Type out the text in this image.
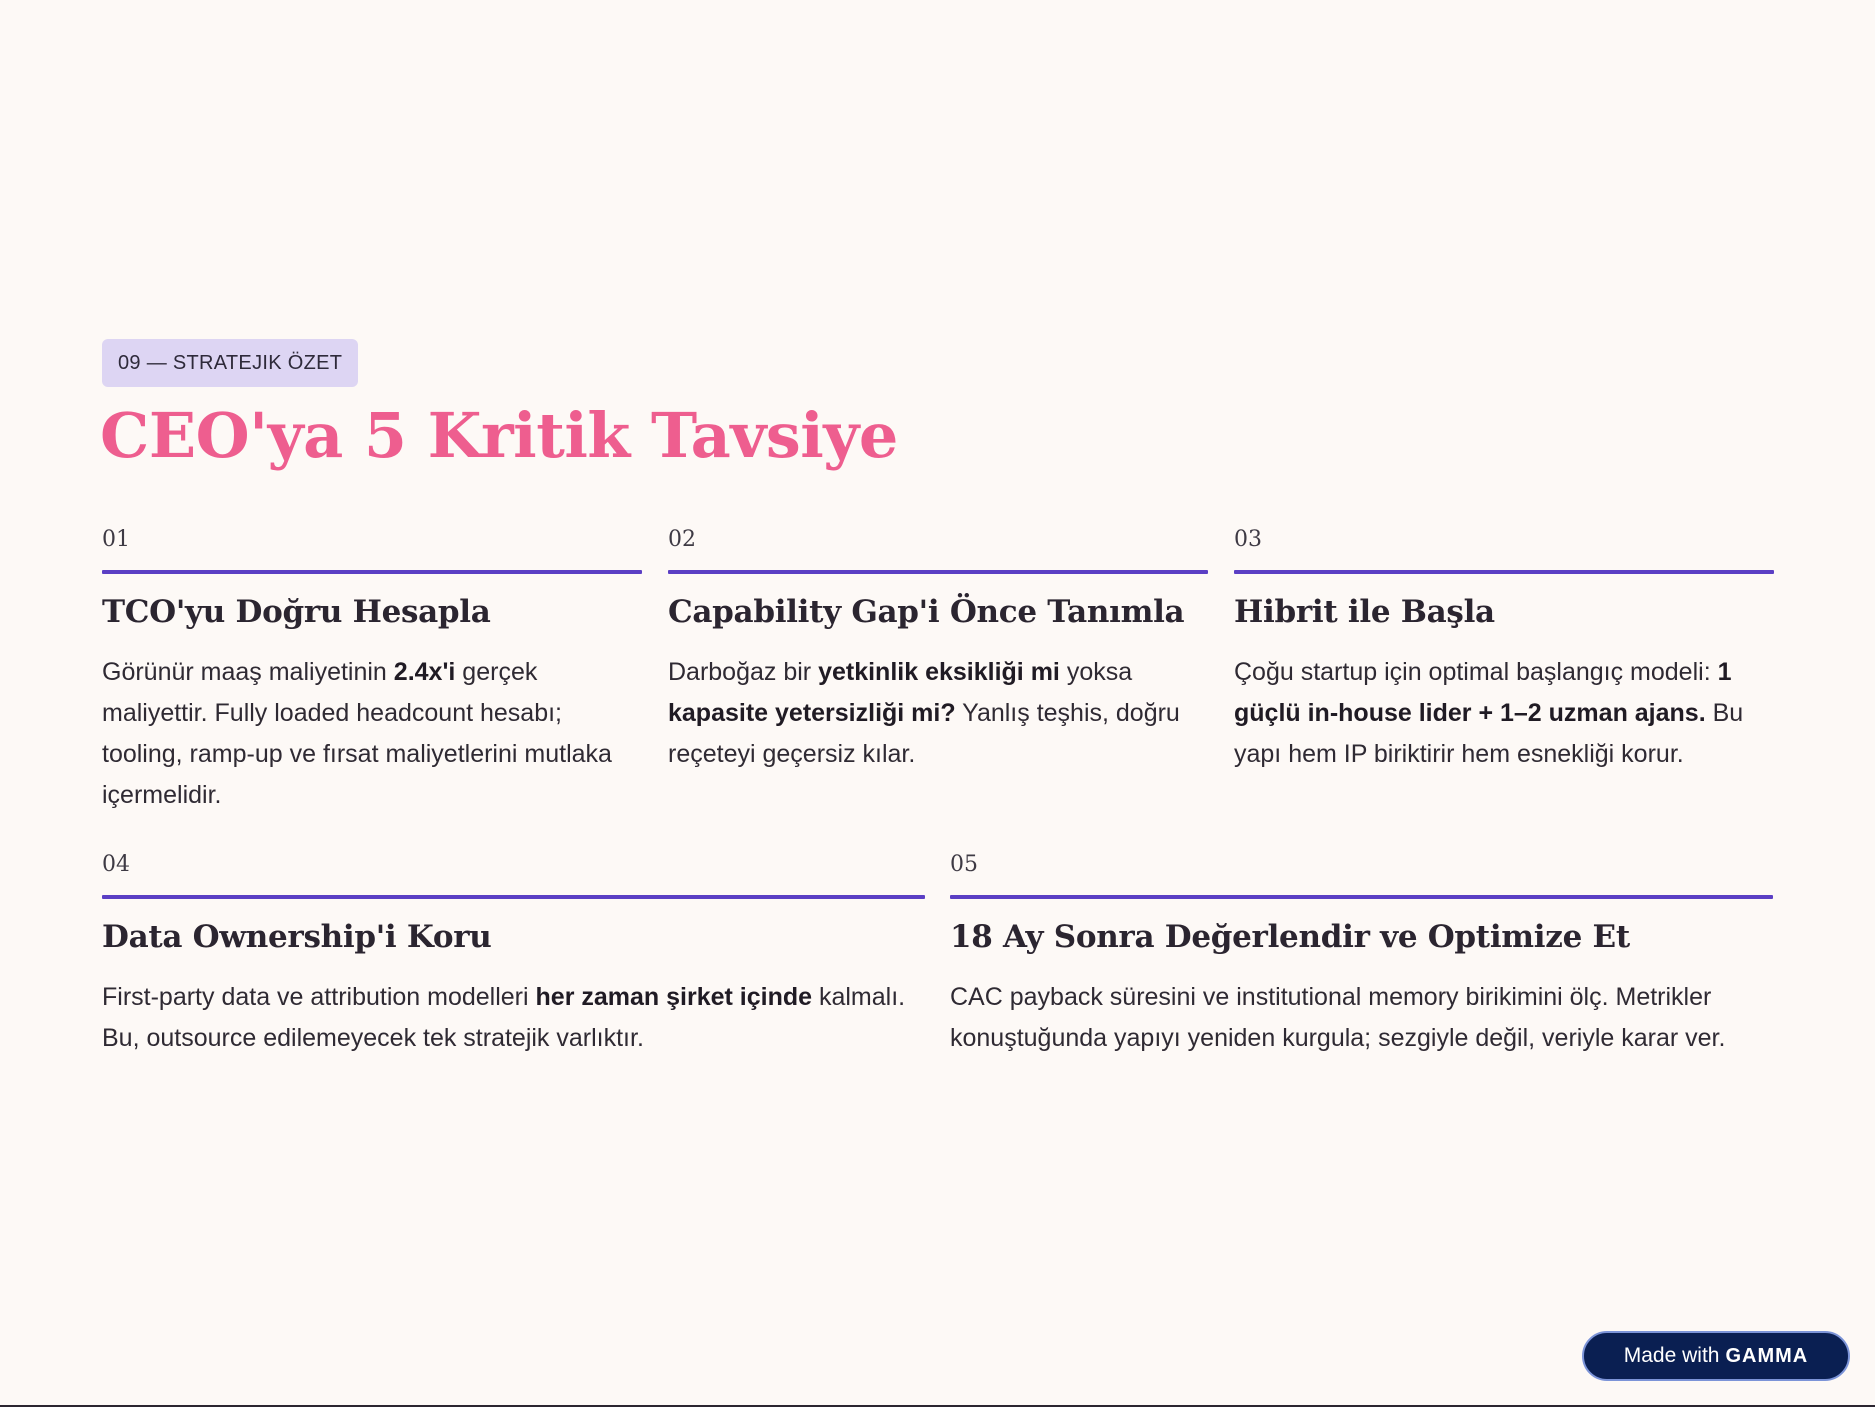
09 — STRATEJIK ÖZET
CEO'ya 5 Kritik Tavsiye
01
TCO'yu Doğru Hesapla

Görünür maaş maliyetinin 2.4x'i gerçek maliyettir. Fully loaded headcount hesabı; tooling, ramp-up ve fırsat maliyetlerini mutlaka içermelidir.

02
Capability Gap'i Önce Tanımla

Darboğaz bir yetkinlik eksikliği mi yoksa kapasite yetersizliği mi? Yanlış teşhis, doğru reçeteyi geçersiz kılar.

03
Hibrit ile Başla

Çoğu startup için optimal başlangıç modeli: 1 güçlü in-house lider + 1–2 uzman ajans. Bu yapı hem IP biriktirir hem esnekliği korur.

04
Data Ownership'i Koru

First-party data ve attribution modelleri her zaman şirket içinde kalmalı. Bu, outsource edilemeyecek tek stratejik varlıktır.

05
18 Ay Sonra Değerlendir ve Optimize Et

CAC payback süresini ve institutional memory birikimini ölç. Metrikler konuştuğunda yapıyı yeniden kurgula; sezgiyle değil, veriyle karar ver.

Made with GAMMA
